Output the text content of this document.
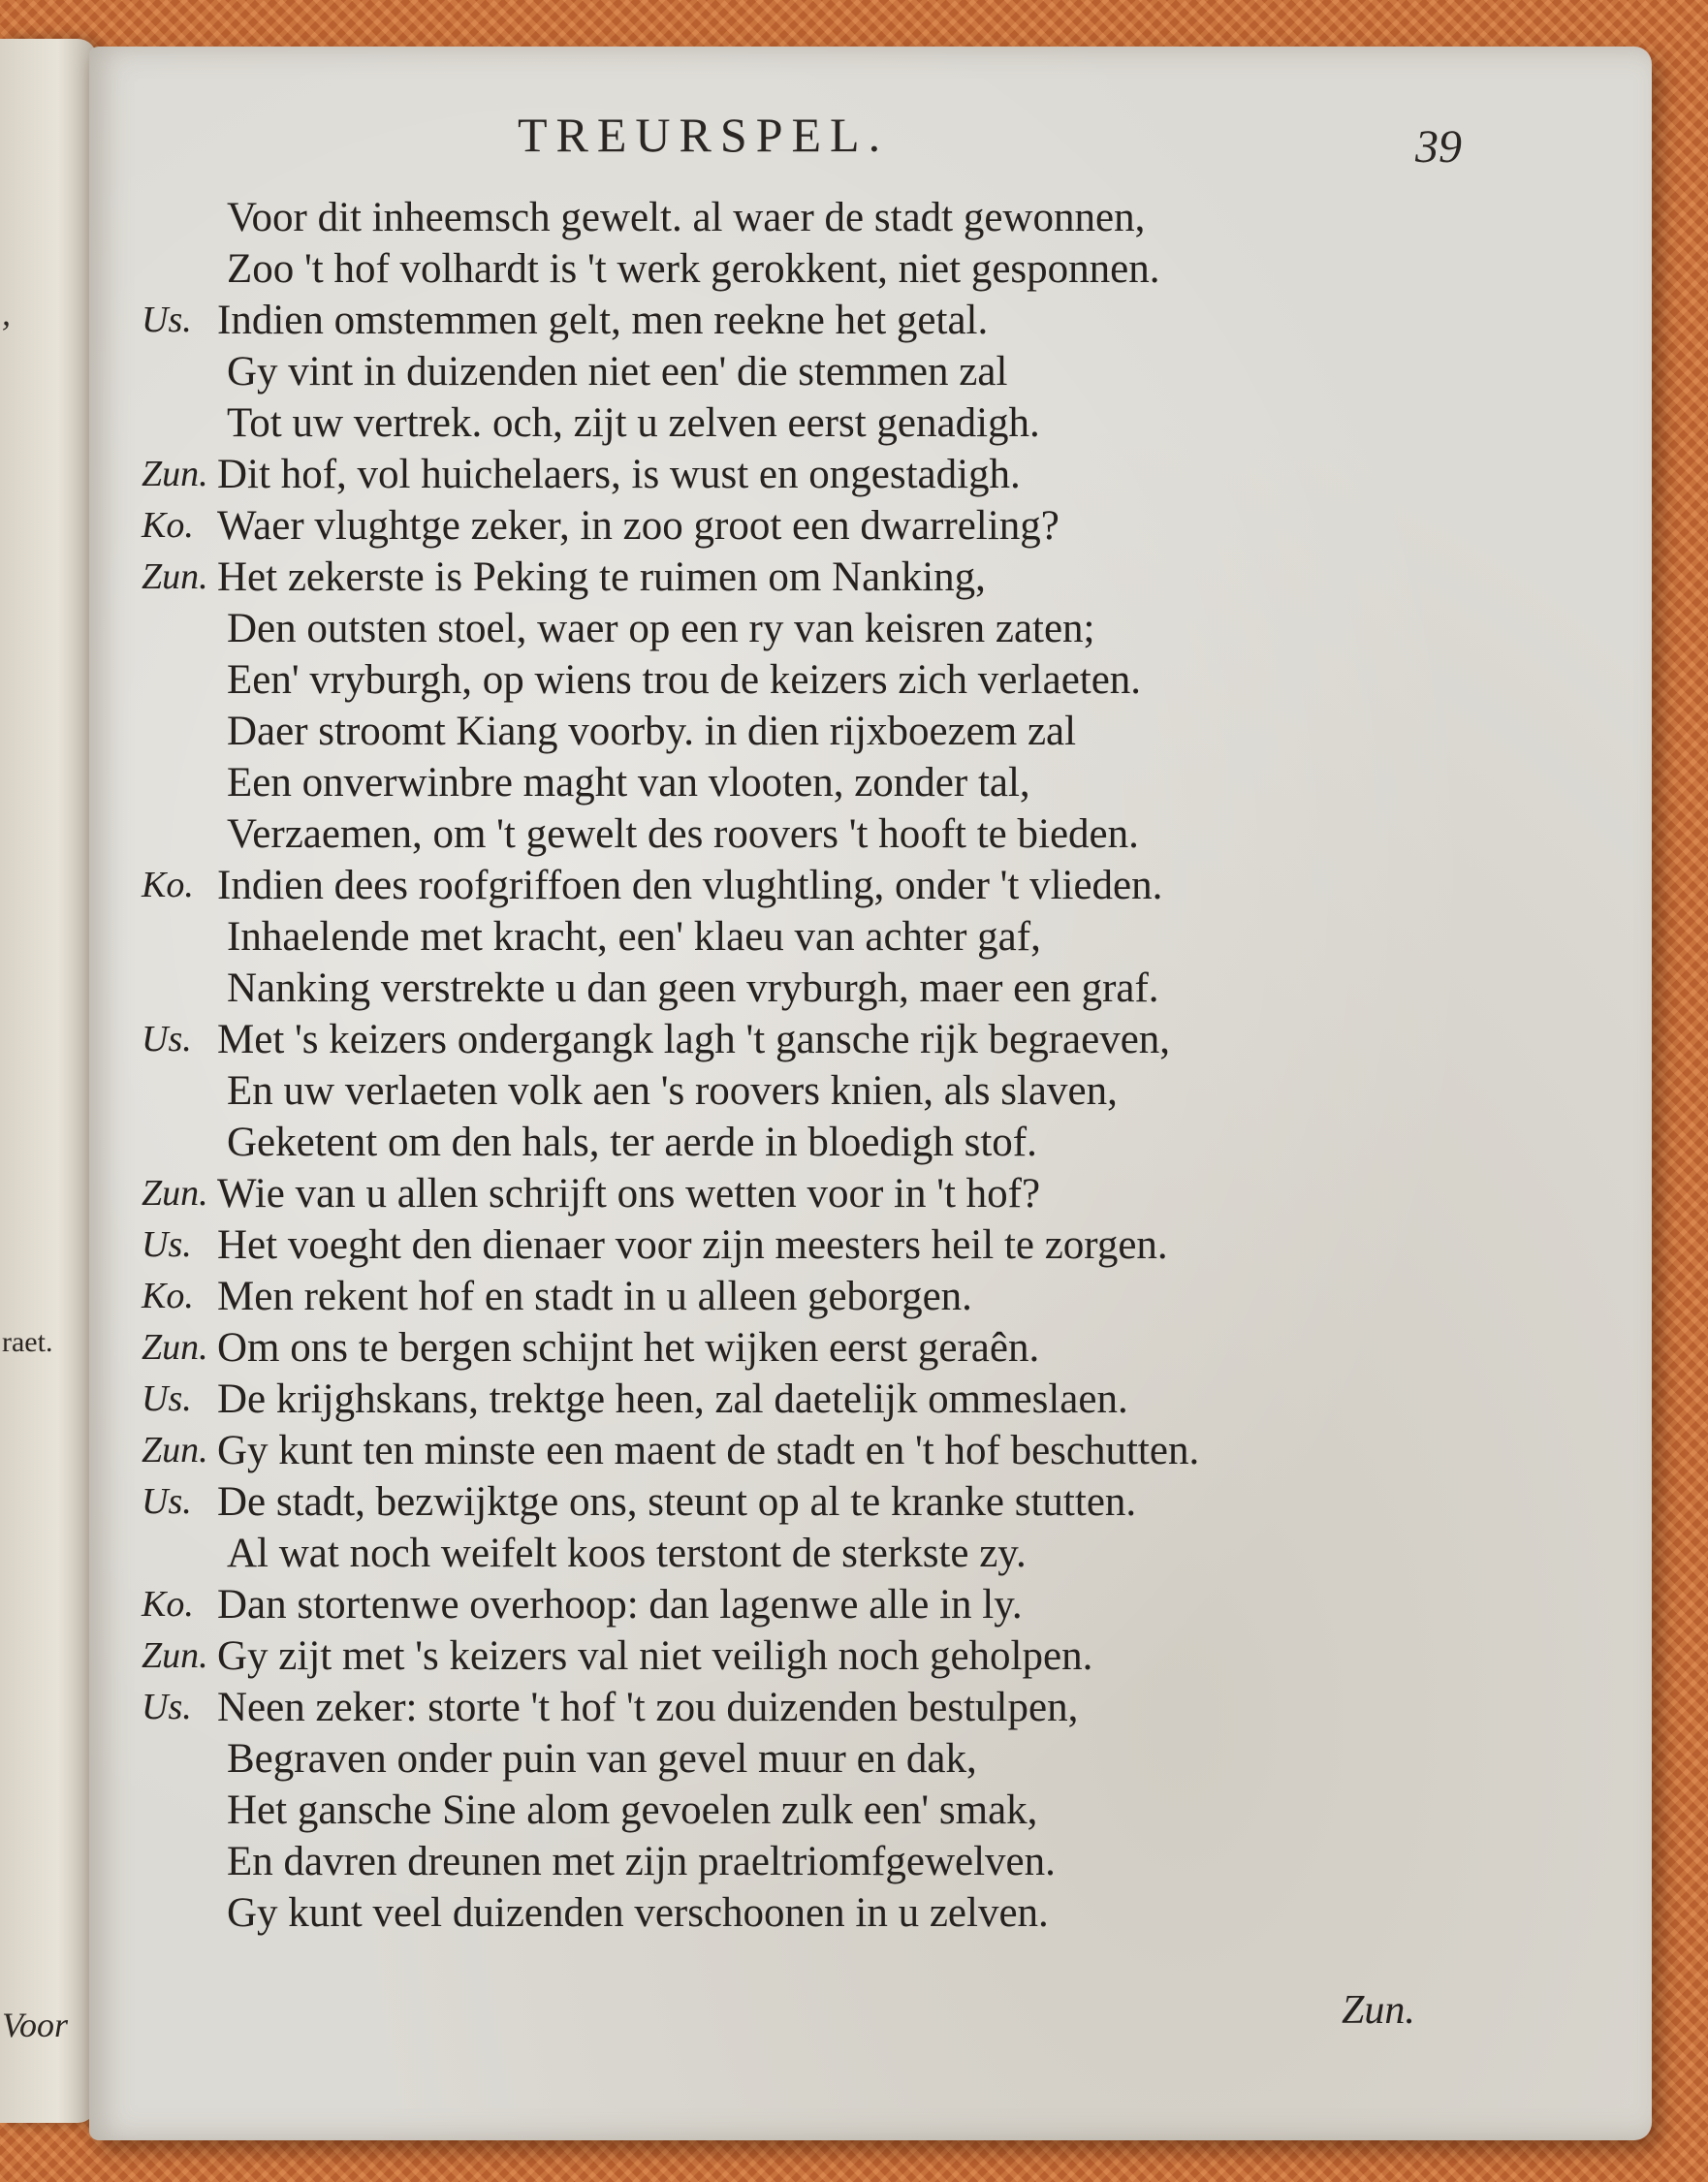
,
raet.
Voor
TREURSPEL.	39
Voor dit inheemsch gewelt. al waer de stadt gewonnen,
Zoo 't hof volhardt is 't werk gerokkent, niet gesponnen.
Us. Indien omstemmen gelt, men reekne het getal.
Gy vint in duizenden niet een' die stemmen zal
Tot uw vertrek. och, zijt u zelven eerst genadigh.
Zun. Dit hof, vol huichelaers, is wust en ongestadigh.
Ko. Waer vlughtge zeker, in zoo groot een dwarreling?
Zun. Het zekerste is Peking te ruimen om Nanking,
Den outsten stoel, waer op een ry van keisren zaten;
Een' vryburgh, op wiens trou de keizers zich verlaeten.
Daer stroomt Kiang voorby. in dien rijxboezem zal
Een onverwinbre maght van vlooten, zonder tal,
Verzaemen, om 't gewelt des roovers 't hooft te bieden.
Ko. Indien dees roofgriffoen den vlughtling, onder 't vlieden.
Inhaelende met kracht, een' klaeu van achter gaf,
Nanking verstrekte u dan geen vryburgh, maer een graf.
Us. Met 's keizers ondergangk lagh 't gansche rijk begraeven,
En uw verlaeten volk aen 's roovers knien, als slaven,
Geketent om den hals, ter aerde in bloedigh stof.
Zun. Wie van u allen schrijft ons wetten voor in 't hof?
Us. Het voeght den dienaer voor zijn meesters heil te zorgen.
Ko. Men rekent hof en stadt in u alleen geborgen.
Zun. Om ons te bergen schijnt het wijken eerst geraên.
Us. De krijghskans, trektge heen, zal daetelijk ommeslaen.
Zun. Gy kunt ten minste een maent de stadt en 't hof beschutten.
Us. De stadt, bezwijktge ons, steunt op al te kranke stutten.
Al wat noch weifelt koos terstont de sterkste zy.
Ko. Dan stortenwe overhoop: dan lagenwe alle in ly.
Zun. Gy zijt met 's keizers val niet veiligh noch geholpen.
Us. Neen zeker: storte 't hof 't zou duizenden bestulpen,
Begraven onder puin van gevel muur en dak,
Het gansche Sine alom gevoelen zulk een' smak,
En davren dreunen met zijn praeltriomfgewelven.
Gy kunt veel duizenden verschoonen in u zelven.
Zun.
